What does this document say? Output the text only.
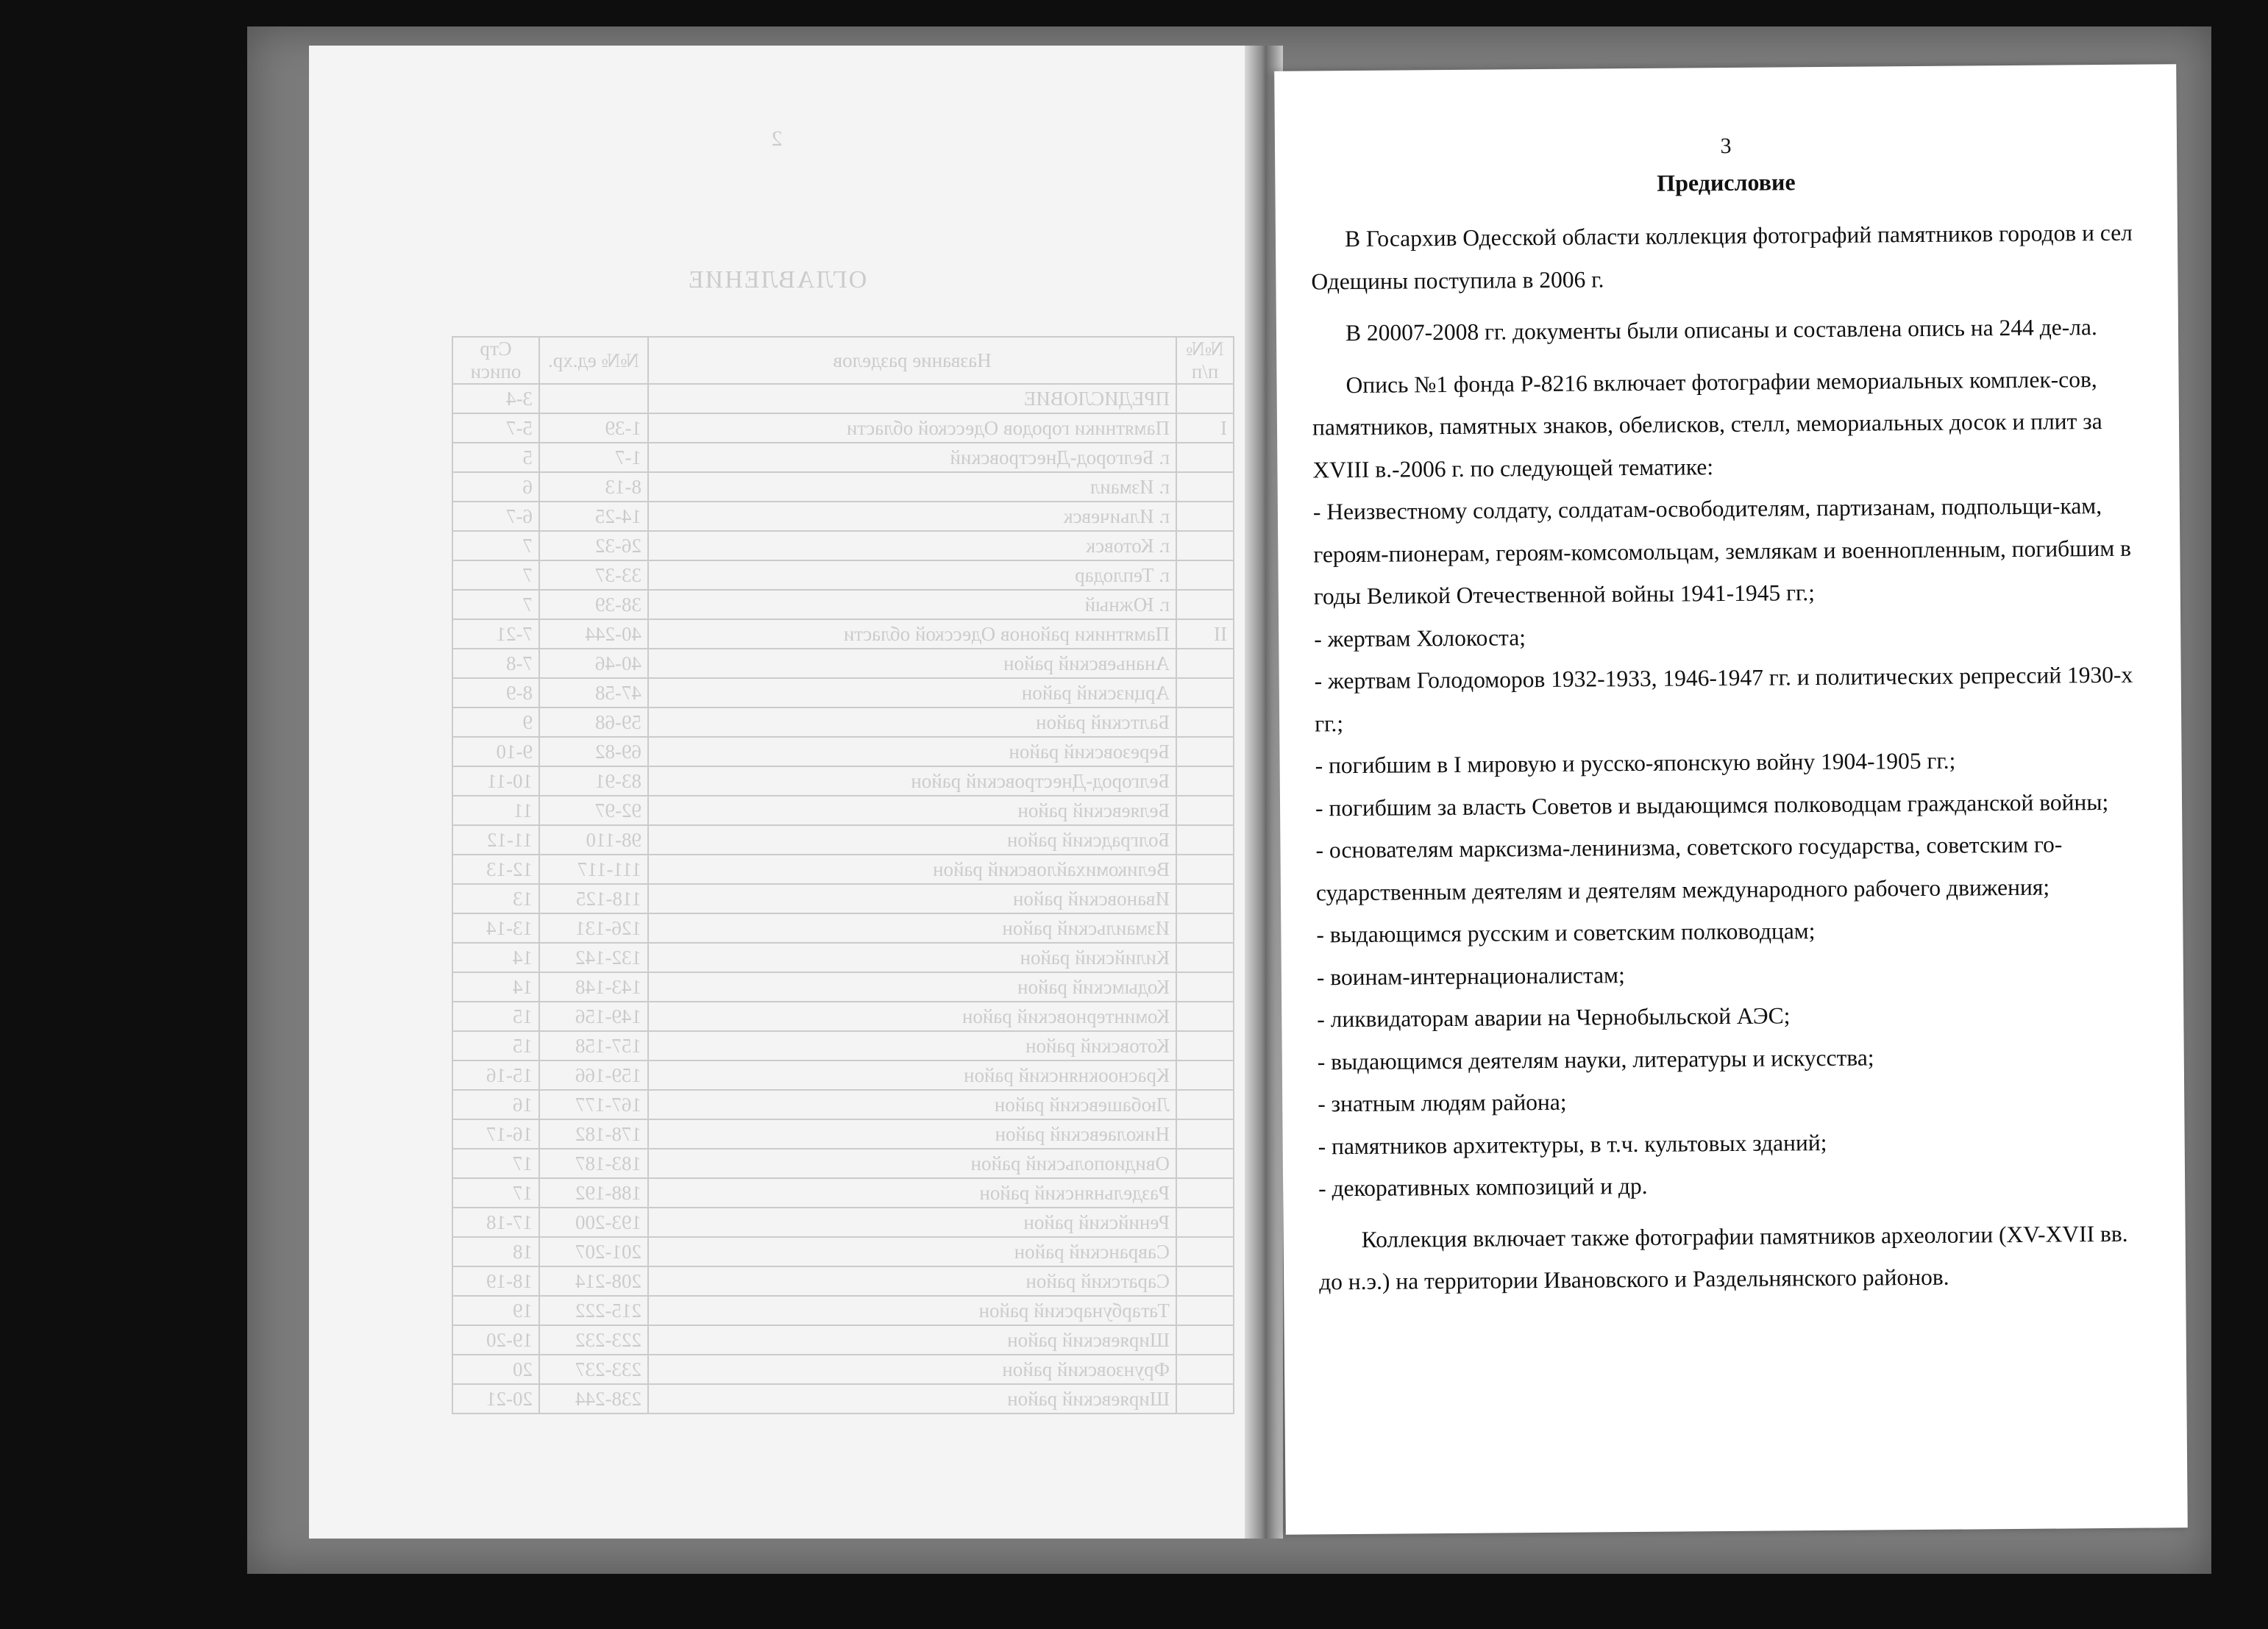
2
ОГЛАВЛЕНИЕ
№№ п/п	Название разделов	№№ ед.хр.	Стр описи
	ПРЕДИСЛОВИЕ		3-4
I	Памятники городов Одесской области	1-39	5-7
	г. Белгород-Днестровский	1-7	5
	г. Измаил	8-13	6
	г. Ильичевск	14-25	6-7
	г. Котовск	26-32	7
	г. Теплодар	33-37	7
	г. Южный	38-39	7
II	Памятники районов Одесской области	40-244	7-21
	Ананьевский район	40-46	7-8
	Арцизский район	47-58	8-9
	Балтский район	59-68	9
	Березовский район	69-82	9-10
	Белгород-Днестровский район	83-91	10-11
	Беляевский район	92-97	11
	Болградский район	98-110	11-12
	Великомихайловский район	111-117	12-13
	Ивановский район	118-125	13
	Измаильский район	126-131	13-14
	Килийский район	132-142	14
	Кодымский район	143-148	14
	Коминтерновский район	149-156	15
	Котовский район	157-158	15
	Красноокнянский район	159-166	15-16
	Любашевский район	167-177	16
	Николаевский район	178-182	16-17
	Овидиопольский район	183-187	17
	Раздельнянский район	188-192	17
	Ренийский район	193-200	17-18
	Савранский район	201-207	18
	Саратский район	208-214	18-19
	Татарбунарский район	215-222	19
	Ширяевский район	223-232	19-20
	Фрунзовский район	233-237	20
	Ширяевский район	238-244	20-21
3
Предисловие

В Госархив Одесской области коллекция фотографий памятников городов и сел Одещины поступила в 2006 г.

В 20007-2008 гг. документы были описаны и составлена опись на 244 де-ла.

Опись №1 фонда Р-8216 включает фотографии мемориальных комплек-сов, памятников, памятных знаков, обелисков, стелл, мемориальных досок и плит за XVIII в.-2006 г. по следующей тематике:

- Неизвестному солдату, солдатам-освободителям, партизанам, подпольщи-кам, героям-пионерам, героям-комсомольцам, землякам и военнопленным, погибшим в годы Великой Отечественной войны 1941-1945 гг.;

- жертвам Холокоста;

- жертвам Голодоморов 1932-1933, 1946-1947 гг. и политических репрессий 1930-х гг.;

- погибшим в I мировую и русско-японскую войну 1904-1905 гг.;

- погибшим за власть Советов и выдающимся полководцам гражданской войны;

- основателям марксизма-ленинизма, советского государства, советским го-сударственным деятелям и деятелям международного рабочего движения;

- выдающимся русским и советским полководцам;

- воинам-интернационалистам;

- ликвидаторам аварии на Чернобыльской АЭС;

- выдающимся деятелям науки, литературы и искусства;

- знатным людям района;

- памятников архитектуры, в т.ч. культовых зданий;

- декоративных композиций и др.

Коллекция включает также фотографии памятников археологии (XV-XVII вв. до н.э.) на территории Ивановского и Раздельнянского районов.
